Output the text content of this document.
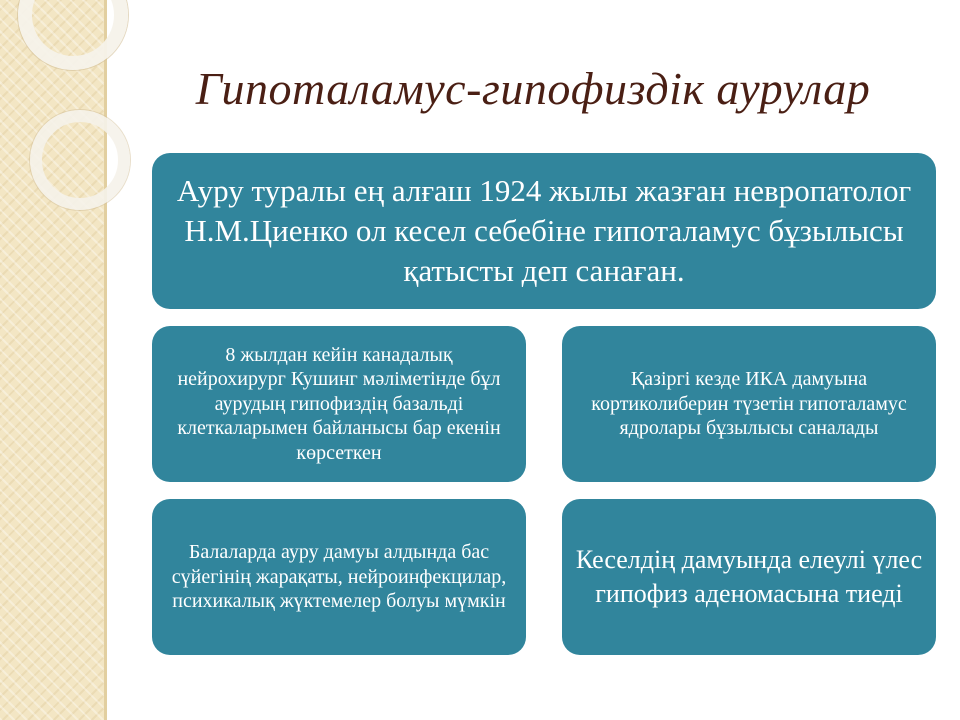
Гипоталамус-гипофиздік аурулар
Ауру туралы ең алғаш 1924 жылы жазған невропатолог Н.М.Циенко ол кесел себебіне гипоталамус бұзылысы қатысты деп санаған.
8 жылдан кейін канадалық нейрохирург Кушинг мәліметінде бұл аурудың гипофиздің базальді клеткаларымен байланысы бар екенін көрсеткен
Қазіргі кезде ИКА дамуына кортиколиберин түзетін гипоталамус ядролары бұзылысы саналады
Балаларда ауру дамуы алдында бас сүйегінің жарақаты, нейроинфекцилар, психикалық жүктемелер болуы мүмкін
Кеселдің дамуында елеулі үлес гипофиз аденомасына тиеді
